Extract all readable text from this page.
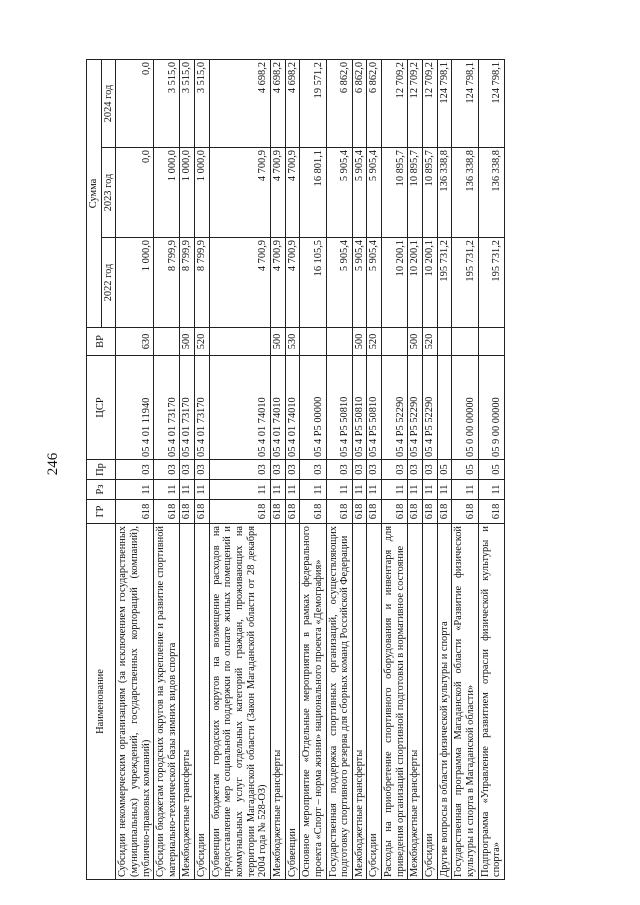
246
Наименование	ГР	Рз	Пр	ЦСР	ВР	Сумма		
						2022 год	2023 год	2024 год
Субсидии некоммерческим организациям (за исключением государственных (муниципальных) учреждений, государственных корпораций (компаний), публично-правовых компаний)	618	11	03	05 4 01 11940	630	1 000,0	0,0	0,0
Субсидии бюджетам городских округов на укрепление и развитие спортивной материально-технической базы зимних видов спорта	618	11	03	05 4 01 73170		8 799,9	1 000,0	3 515,0
Межбюджетные трансферты	618	11	03	05 4 01 73170	500	8 799,9	1 000,0	3 515,0
Субсидии	618	11	03	05 4 01 73170	520	8 799,9	1 000,0	3 515,0
Субвенции бюджетам городских округов на возмещение расходов на предоставление мер социальной поддержки по оплате жилых помещений и коммунальных услуг отдельных категорий граждан, проживающих на территории Магаданской области (Закон Магаданской области от 28 декабря 2004 года № 528-ОЗ)	618	11	03	05 4 01 74010		4 700,9	4 700,9	4 698,2
Межбюджетные трансферты	618	11	03	05 4 01 74010	500	4 700,9	4 700,9	4 698,2
Субвенции	618	11	03	05 4 01 74010	530	4 700,9	4 700,9	4 698,2
Основное мероприятие «Отдельные мероприятия в рамках федерального проекта «Спорт – норма жизни» национального проекта «Демография»	618	11	03	05 4 P5 00000		16 105,5	16 801,1	19 571,2
Государственная поддержка спортивных организаций, осуществляющих подготовку спортивного резерва для сборных команд Российской Федерации	618	11	03	05 4 P5 50810		5 905,4	5 905,4	6 862,0
Межбюджетные трансферты	618	11	03	05 4 P5 50810	500	5 905,4	5 905,4	6 862,0
Субсидии	618	11	03	05 4 P5 50810	520	5 905,4	5 905,4	6 862,0
Расходы на приобретение спортивного оборудования и инвентаря для приведения организаций спортивной подготовки в нормативное состояние	618	11	03	05 4 P5 52290		10 200,1	10 895,7	12 709,2
Межбюджетные трансферты	618	11	03	05 4 P5 52290	500	10 200,1	10 895,7	12 709,2
Субсидии	618	11	03	05 4 P5 52290	520	10 200,1	10 895,7	12 709,2
Другие вопросы в области физической культуры и спорта	618	11	05			195 731,2	136 338,8	124 798,1
Государственная программа Магаданской области «Развитие физической культуры и спорта в Магаданской области»	618	11	05	05 0 00 00000		195 731,2	136 338,8	124 798,1
Подпрограмма «Управление развитием отрасли физической культуры и спорта»	618	11	05	05 9 00 00000		195 731,2	136 338,8	124 798,1
